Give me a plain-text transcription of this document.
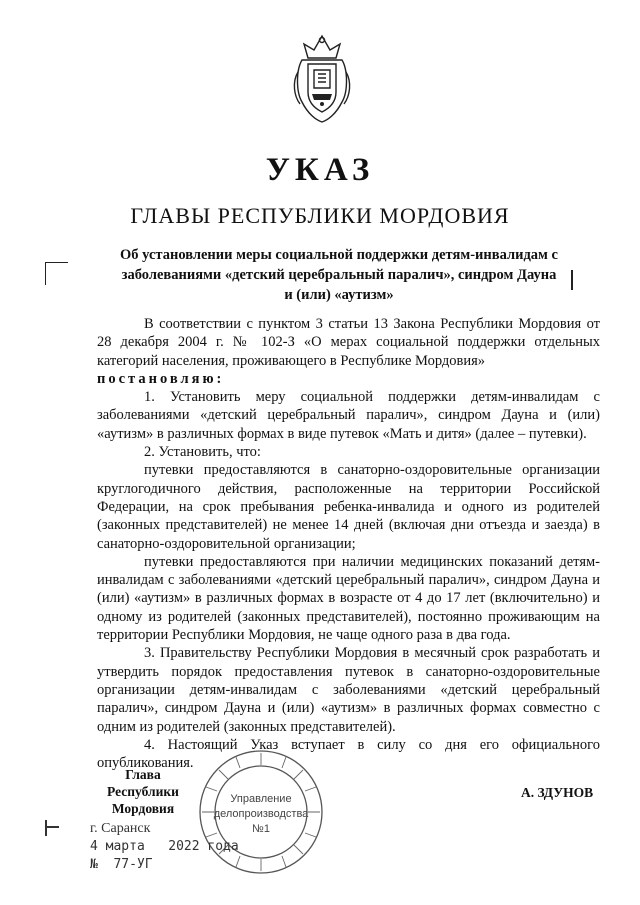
УКАЗ
ГЛАВЫ РЕСПУБЛИКИ МОРДОВИЯ
Об установлении меры социальной поддержки детям-инвалидам с
заболеваниями «детский церебральный паралич», синдром Дауна
и (или) «аутизм»

В соответствии с пунктом 3 статьи 13 Закона Республики Мордовия от 28 декабря 2004 г. № 102-З «О мерах социальной поддержки отдельных категорий населения, проживающего в Республике Мордовия»

постановляю:

1. Установить меру социальной поддержки детям-инвалидам с заболеваниями «детский церебральный паралич», синдром Дауна и (или) «аутизм» в различных формах в виде путевок «Мать и дитя» (далее – путевки).

2. Установить, что:

путевки предоставляются в санаторно-оздоровительные организации круглогодичного действия, расположенные на территории Российской Федерации, на срок пребывания ребенка-инвалида и одного из родителей (законных представителей) не менее 14 дней (включая дни отъезда и заезда) в санаторно-оздоровительной организации;

путевки предоставляются при наличии медицинских показаний детям-инвалидам с заболеваниями «детский церебральный паралич», синдром Дауна и (или) «аутизм» в различных формах в возрасте от 4 до 17 лет (включительно) и одному из родителей (законных представителей), постоянно проживающим на территории Республики Мордовия, не чаще одного раза в два года.

3. Правительству Республики Мордовия в месячный срок разработать и утвердить порядок предоставления путевок в санаторно-оздоровительные организации детям-инвалидам с заболеваниями «детский церебральный паралич», синдром Дауна и (или) «аутизм» в различных формах совместно с одним из родителей (законных представителей).

4. Настоящий Указ вступает в силу со дня его официального опубликования.

Глава
Республики Мордовия
А. ЗДУНОВ
Управление
делопроизводства
№1
г. Саранск
4 марта   2022 года
№  77-УГ
